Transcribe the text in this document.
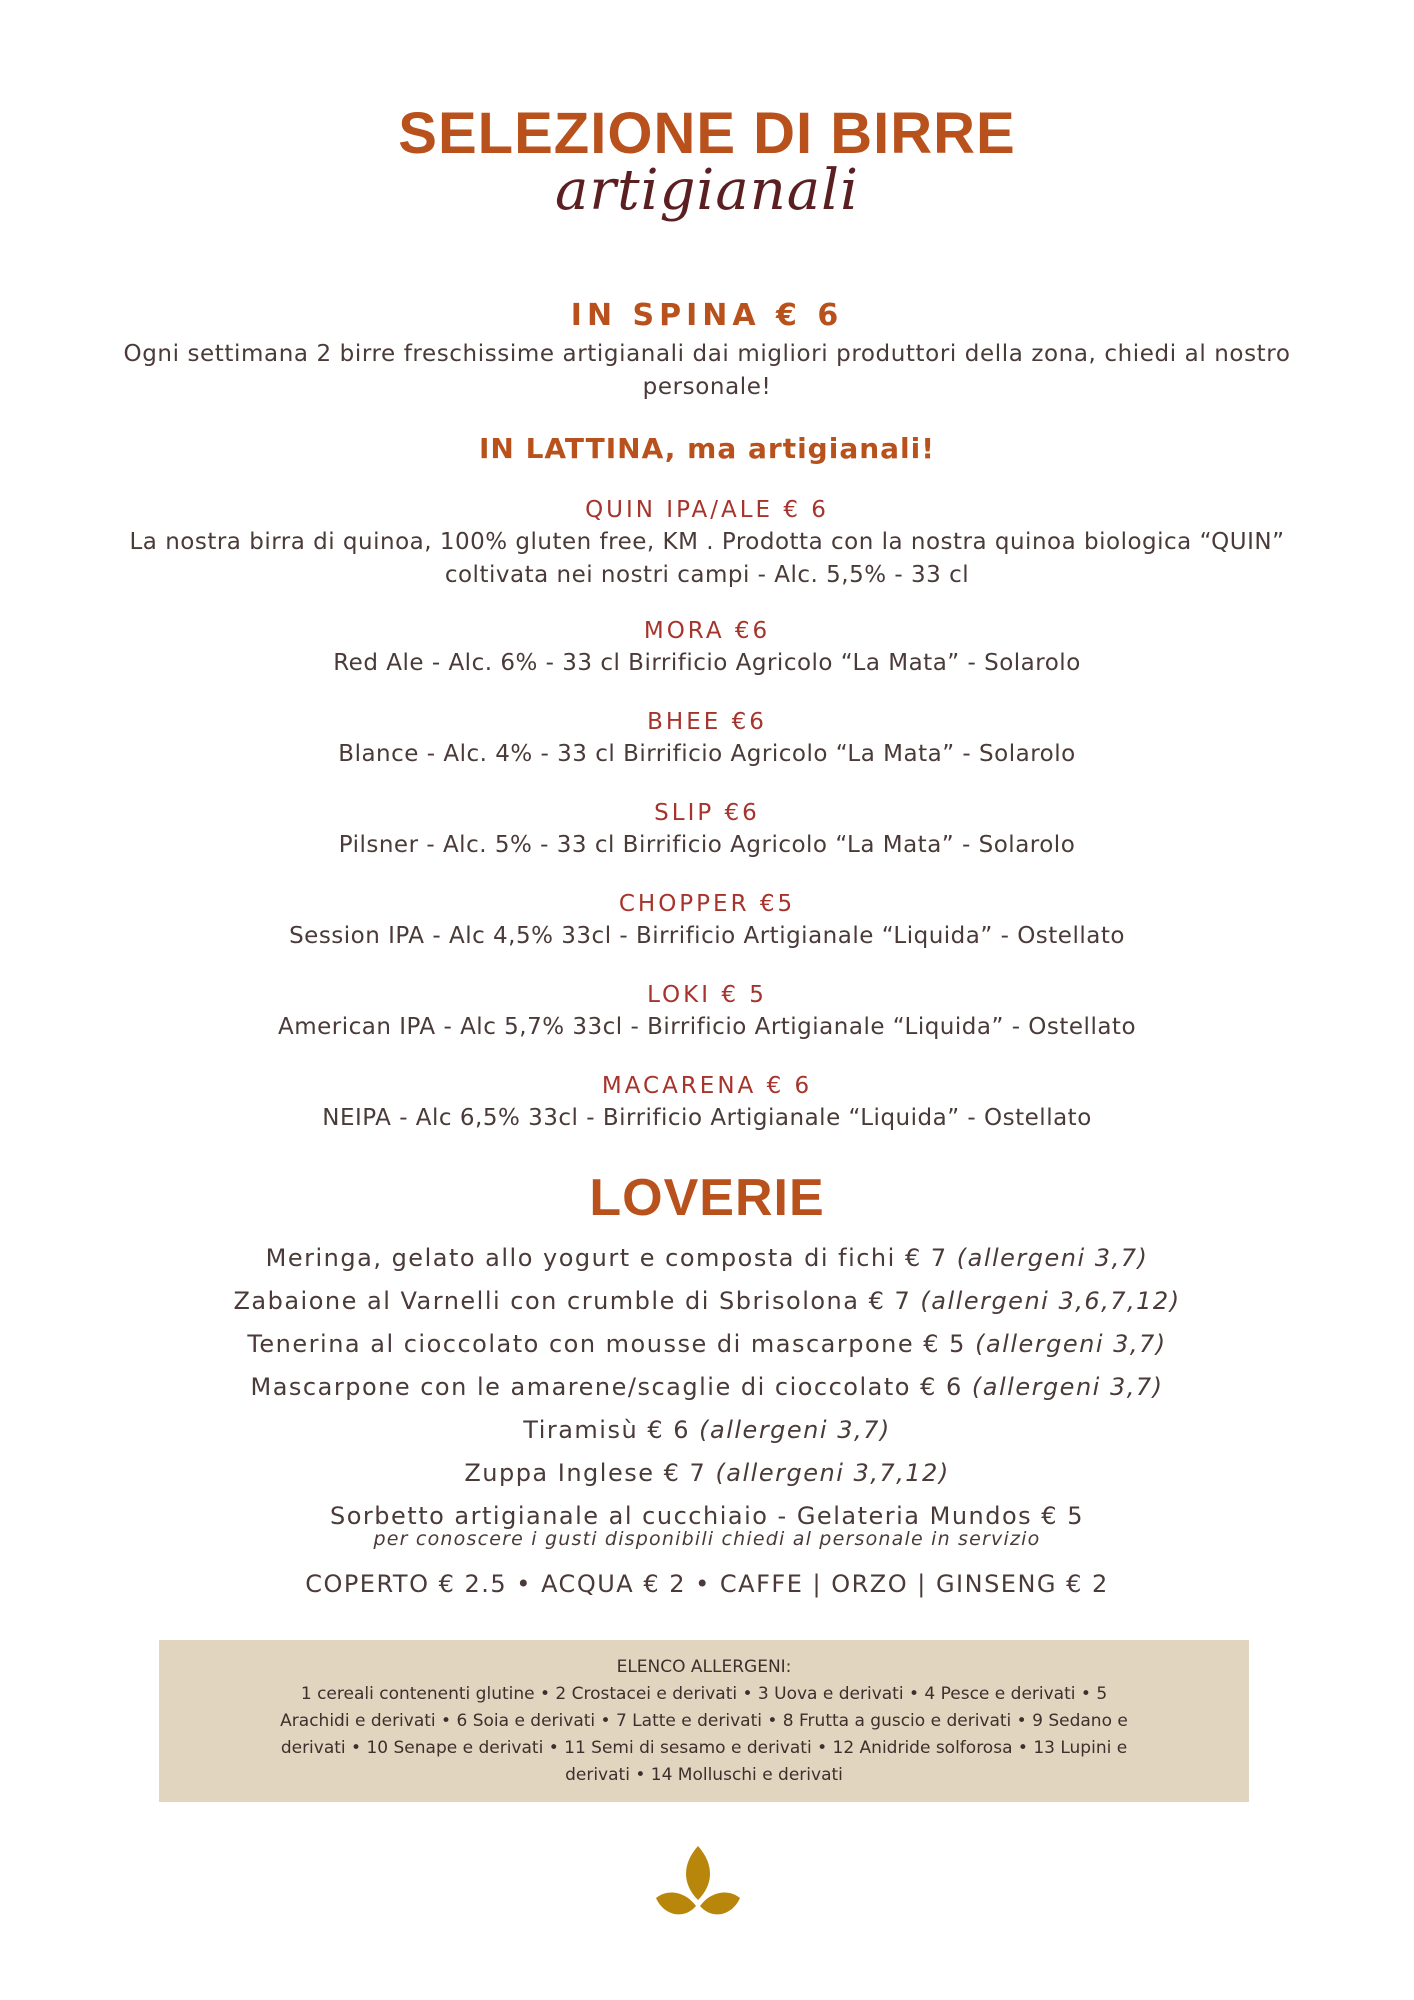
SELEZIONE DI BIRRE
artigianali
IN SPINA € 6
Ogni settimana 2 birre freschissime artigianali dai migliori produttori della zona, chiedi al nostro personale!
IN LATTINA, ma artigianali!
QUIN IPA/ALE € 6
La nostra birra di quinoa, 100% gluten free, KM . Prodotta con la nostra quinoa biologica “QUIN” coltivata nei nostri campi - Alc. 5,5% - 33 cl
MORA €6
Red Ale - Alc. 6% - 33 cl Birrificio Agricolo “La Mata” - Solarolo
BHEE €6
Blance - Alc. 4% - 33 cl Birrificio Agricolo “La Mata” - Solarolo
SLIP €6
Pilsner - Alc. 5% - 33 cl Birrificio Agricolo “La Mata” - Solarolo
CHOPPER €5
Session IPA - Alc 4,5% 33cl - Birrificio Artigianale “Liquida” - Ostellato
LOKI € 5
American IPA - Alc 5,7% 33cl - Birrificio Artigianale “Liquida” - Ostellato
MACARENA € 6
NEIPA - Alc 6,5% 33cl - Birrificio Artigianale “Liquida” - Ostellato
LOVERIE
Meringa, gelato allo yogurt e composta di fichi € 7 (allergeni 3,7)
Zabaione al Varnelli con crumble di Sbrisolona € 7 (allergeni 3,6,7,12)
Tenerina al cioccolato con mousse di mascarpone € 5 (allergeni 3,7)
Mascarpone con le amarene/scaglie di cioccolato € 6 (allergeni 3,7)
Tiramisù € 6 (allergeni 3,7)
Zuppa Inglese € 7 (allergeni 3,7,12)
Sorbetto artigianale al cucchiaio - Gelateria Mundos € 5
per conoscere i gusti disponibili chiedi al personale in servizio
COPERTO € 2.5 • ACQUA € 2 • CAFFE | ORZO | GINSENG € 2
ELENCO ALLERGENI:
1 cereali contenenti glutine • 2 Crostacei e derivati • 3 Uova e derivati • 4 Pesce e derivati • 5 Arachidi e derivati • 6 Soia e derivati • 7 Latte e derivati • 8 Frutta a guscio e derivati • 9 Sedano e derivati • 10 Senape e derivati • 11 Semi di sesamo e derivati • 12 Anidride solforosa • 13 Lupini e derivati • 14 Molluschi e derivati
